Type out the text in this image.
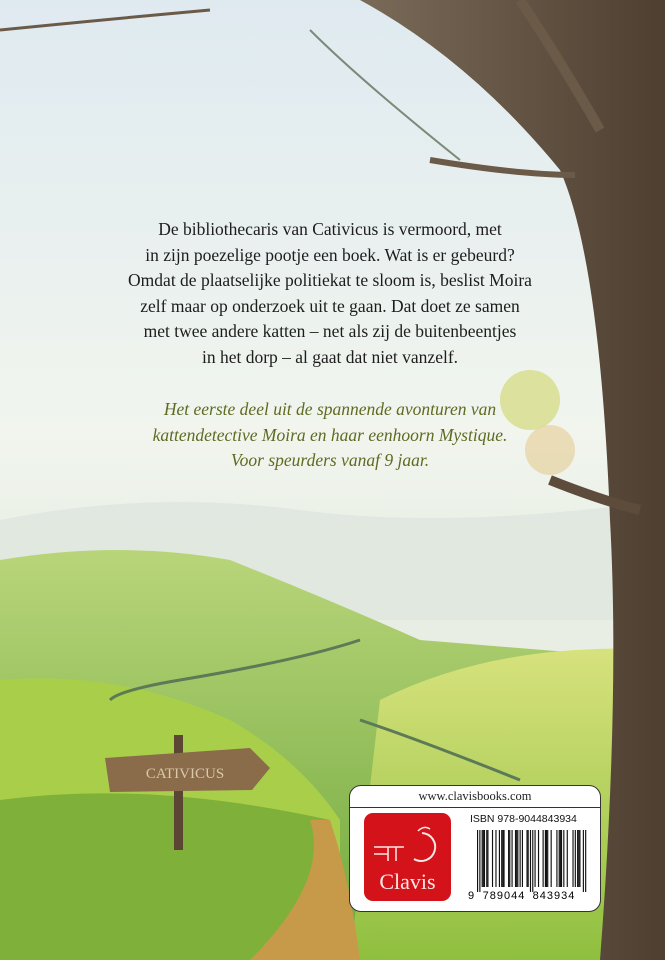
CATIVICUS
De bibliothecaris van Cativicus is vermoord, met
in zijn poezelige pootje een boek. Wat is er gebeurd?
Omdat de plaatselijke politiekat te sloom is, beslist Moira
zelf maar op onderzoek uit te gaan. Dat doet ze samen
met twee andere katten – net als zij de buitenbeentjes
in het dorp – al gaat dat niet vanzelf.
Het eerste deel uit de spannende avonturen van
kattendetective Moira en haar eenhoorn Mystique.
Voor speurders vanaf 9 jaar.
www.clavisbooks.com
Clavis
ISBN 978-9044843934
9 789044 843934
